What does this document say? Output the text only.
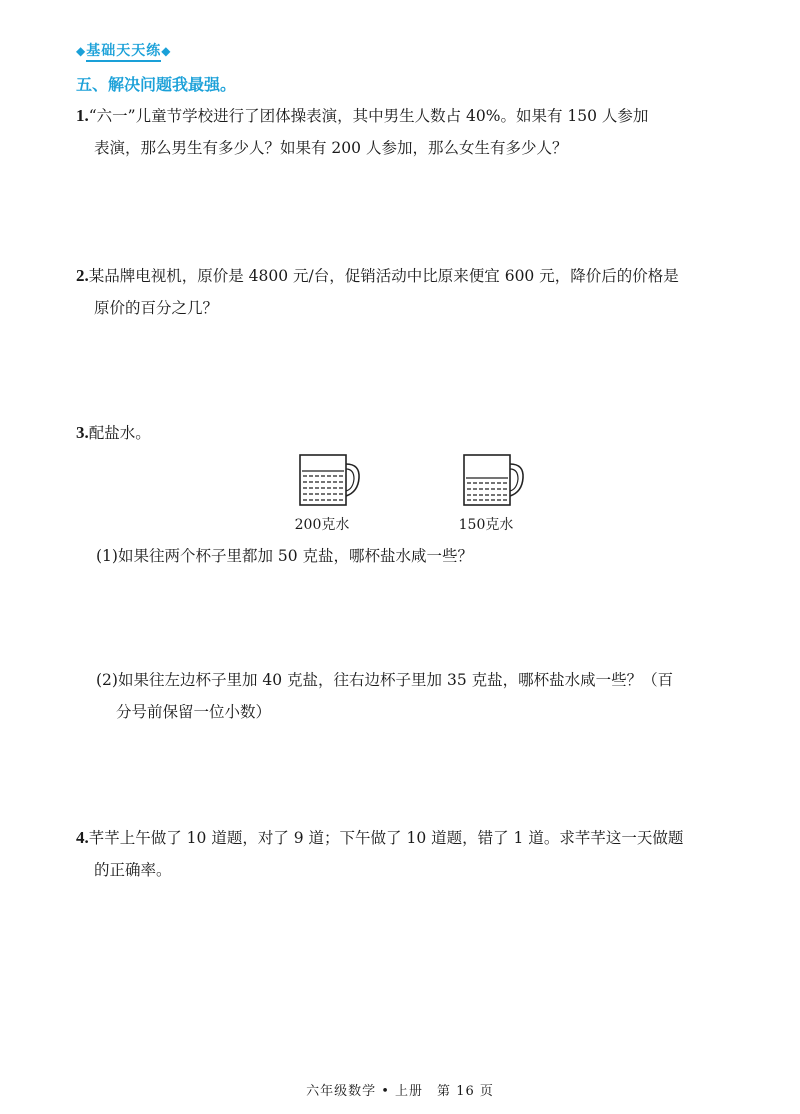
◆基础天天练◆
五、解决问题我最强。
1.“六一”儿童节学校进行了团体操表演，其中男生人数占 40%。如果有 150 人参加
表演，那么男生有多少人？如果有 200 人参加，那么女生有多少人？
2.某品牌电视机，原价是 4800 元/台，促销活动中比原来便宜 600 元，降价后的价格是
原价的百分之几？
3.配盐水。
200克水	150克水
(1)如果往两个杯子里都加 50 克盐，哪杯盐水咸一些？
(2)如果往左边杯子里加 40 克盐，往右边杯子里加 35 克盐，哪杯盐水咸一些？（百
分号前保留一位小数）
4.芊芊上午做了 10 道题，对了 9 道；下午做了 10 道题，错了 1 道。求芊芊这一天做题
的正确率。
六年级数学 • 上册　第 16 页
